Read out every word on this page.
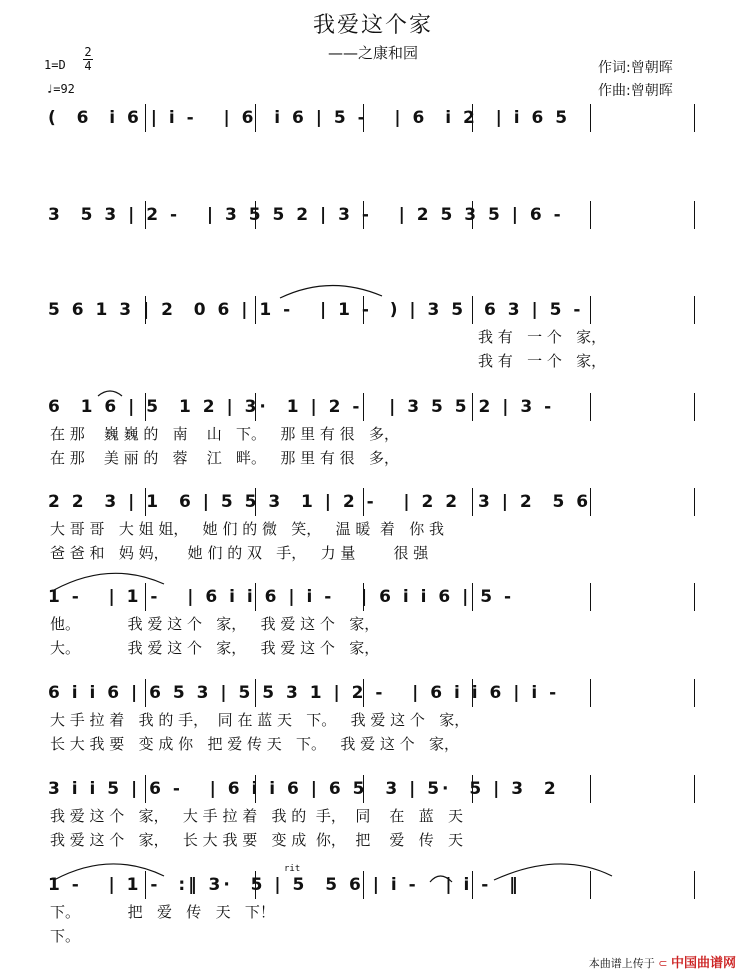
我爱这个家
——之康和园
作词:曾朝晖
作曲:曾朝晖
$1=D \frac{2}{4}$
♩=92
(  6  i 6 | i -   | 6  i 6 | 5 -   | 6  i 2  | i 6 5
3  5 3 | 2 -   | 3 5 5 2 | 3 -   | 2 5 3 5 | 6 -
5 6 1 3 | 2  0 6 | 1 -   | 1 -  ) | 3 5  6 3 | 5 -
我 有   一 个   家，
我 有   一 个   家，
6  1 6 | 5  1 2 | 3·  1 | 2 -   | 3 5 5 2 | 3 -
在 那    巍 巍 的   南    山   下。   那 里 有 很   多，
在 那    美 丽 的   蓉    江   畔。   那 里 有 很   多，
2 2  3 | 1  6 | 5 5 3  1 | 2 -   | 2 2  3 | 2  5 6
大 哥 哥   大 姐 姐，   她 们 的 微   笑，   温 暖  着   你 我
爸 爸 和   妈 妈，    她 们 的 双   手，   力 量        很 强
1 -   | 1 -   | 6 i i 6 | i -   | 6 i i 6 | 5 -
他。          我 爱 这 个   家，   我 爱 这 个   家，
大。          我 爱 这 个   家，   我 爱 这 个   家，
6 i i 6 | 6 5 3 | 5 5 3 1 | 2 -   | 6 i i 6 | i -
大 手 拉 着   我 的 手，  同 在 蓝 天   下。   我 爱 这 个   家，
长 大 我 要   变 成 你   把 爱 传 天   下。   我 爱 这 个   家，
3 i i 5 | 6 -   | 6 i i 6 | 6 5  3 | 5·  5 | 3  2
我 爱 这 个   家，   大 手 拉 着   我 的  手，  同    在   蓝   天
我 爱 这 个   家，   长 大 我 要   变 成  你，  把    爱   传   天
1 -   | 1 -  :‖ 3·  5 | 5  5 6 | i -   | i -  ‖
下。          把   爱   传   天   下！
下。
rit
本曲谱上传于 ⊂ 中国曲谱网
